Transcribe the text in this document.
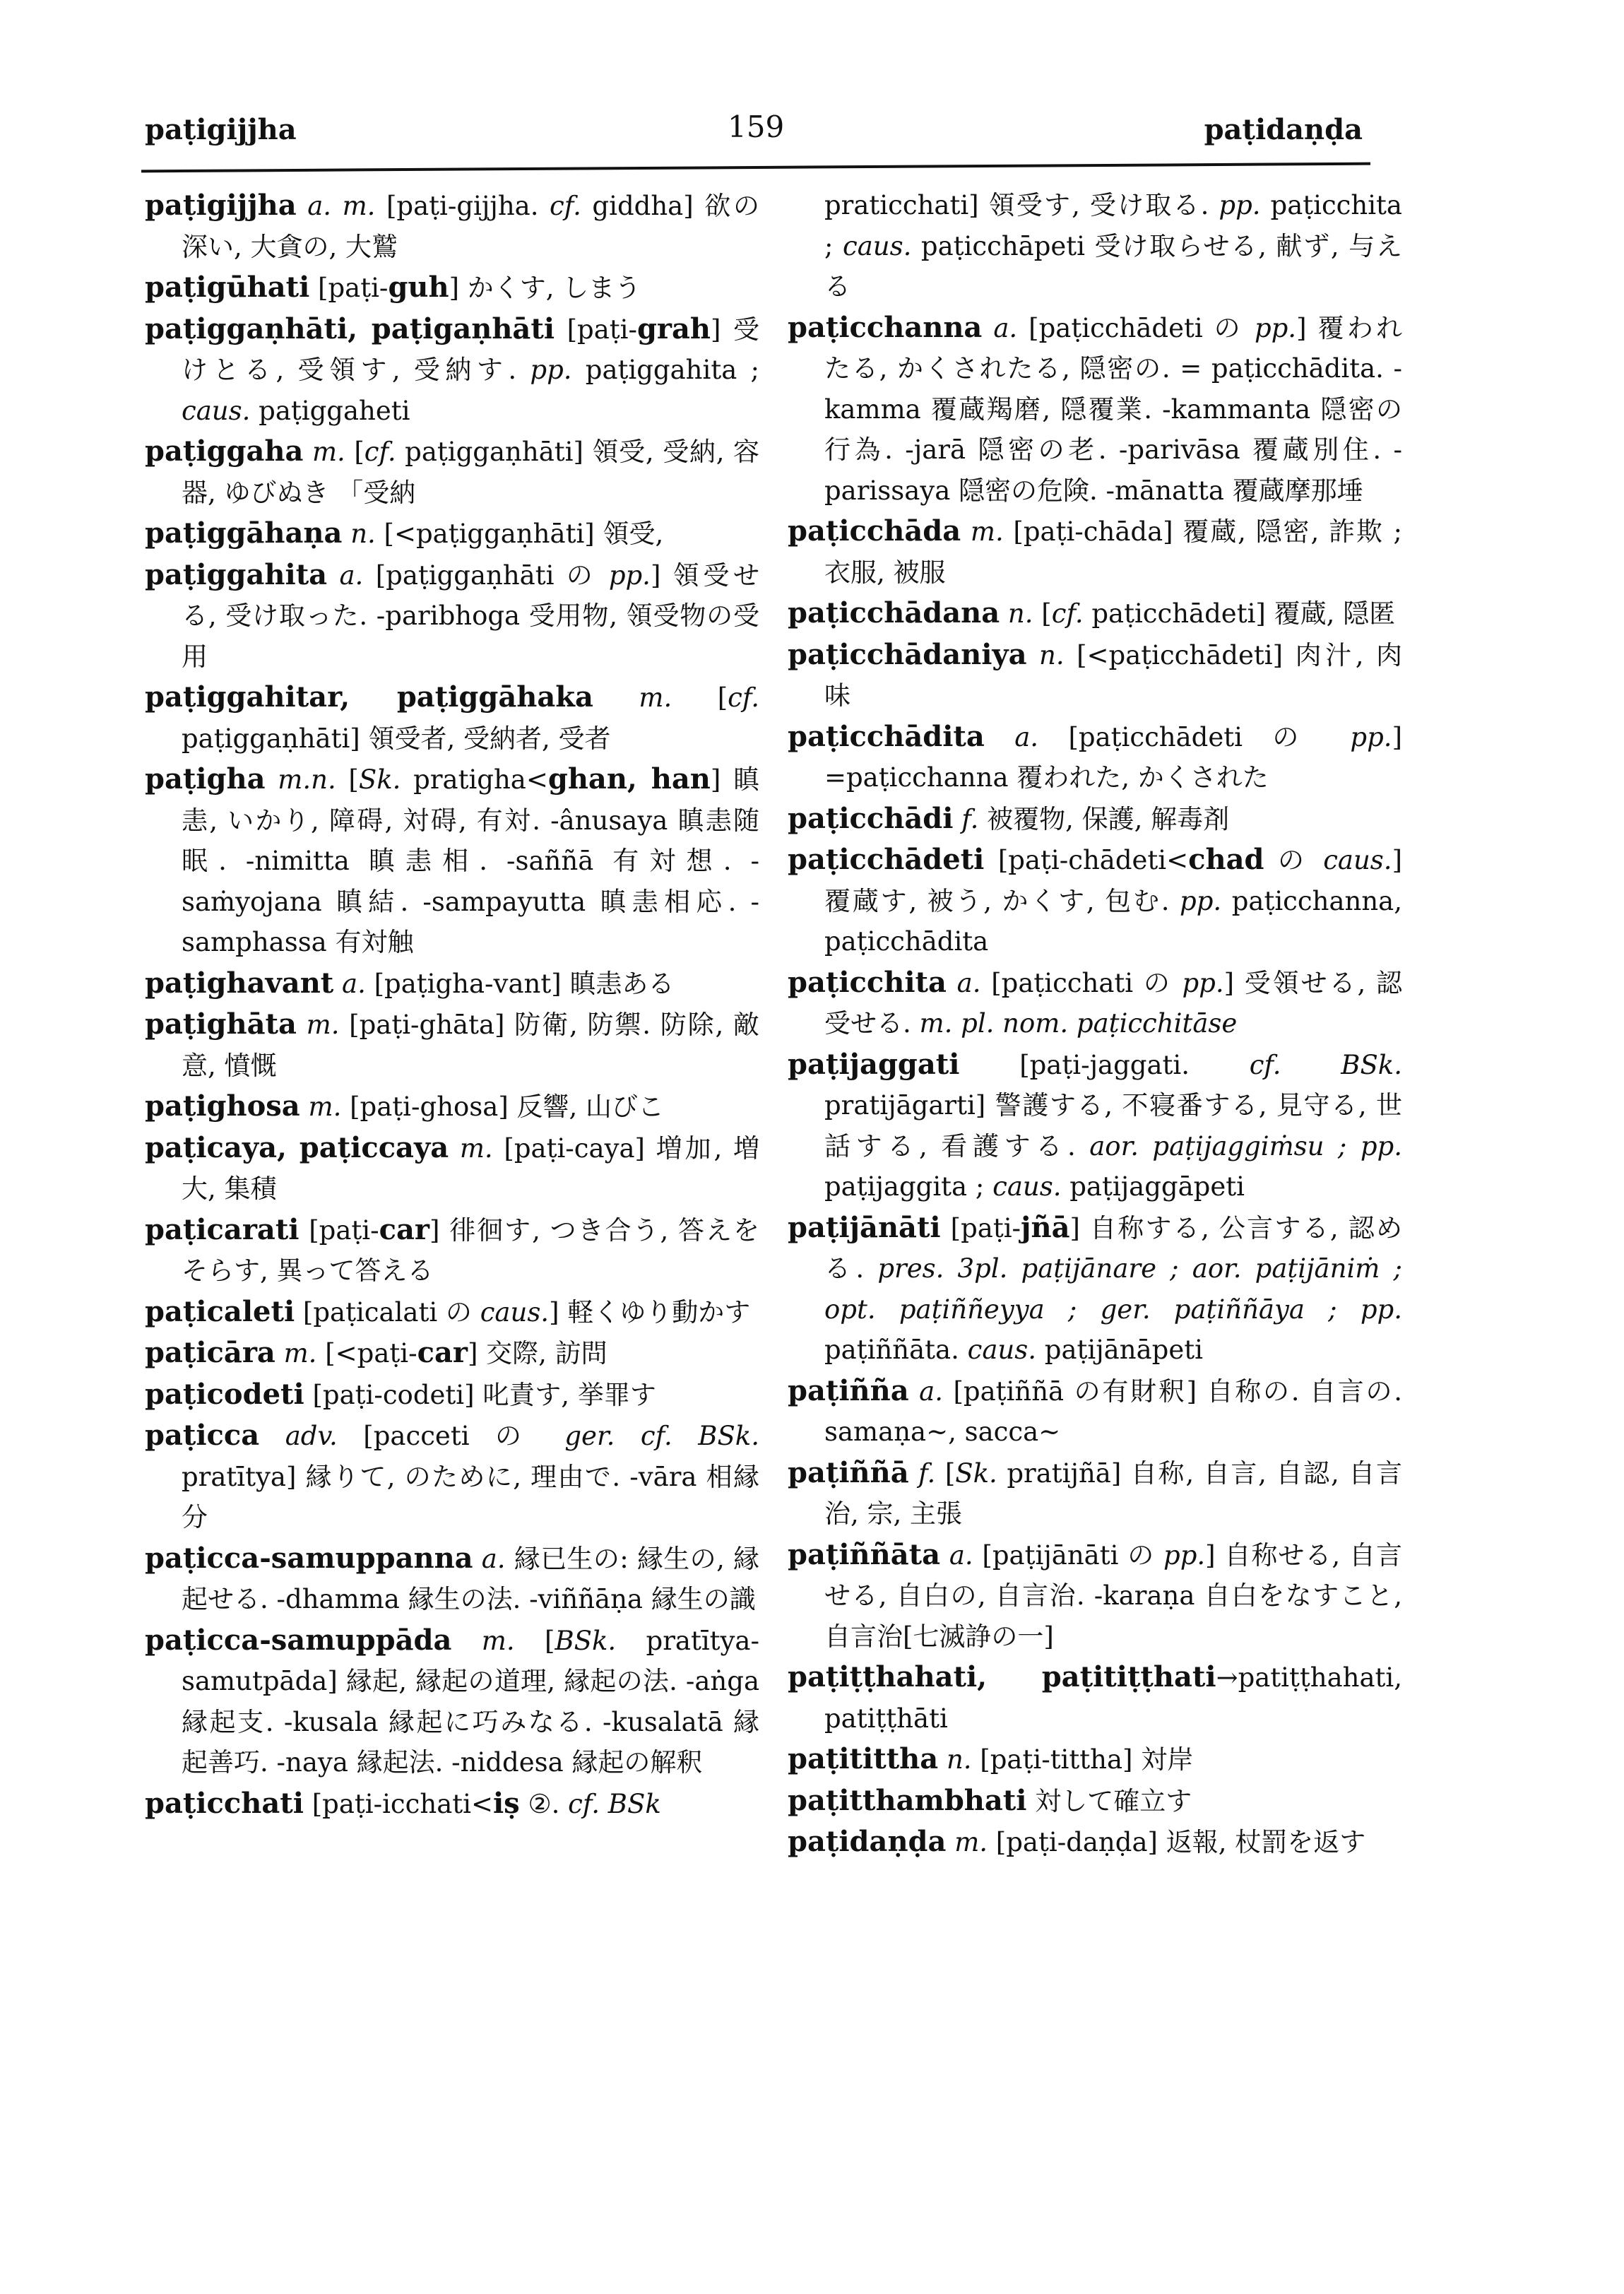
paṭigijjha	159	paṭidaṇḍa
paṭigijjha a. m. [paṭi-gijjha. cf. giddha] 欲の深い, 大貪の, 大鷲
paṭigūhati [paṭi-guh] かくす, しまう
paṭiggaṇhāti, paṭigaṇhāti [paṭi-grah] 受けとる, 受領す, 受納す. pp. paṭiggahita ; caus. paṭiggaheti
paṭiggaha m. [cf. paṭiggaṇhāti] 領受, 受納, 容器, ゆびぬき 「受納
paṭiggāhaṇa n. [<paṭiggaṇhāti] 領受,
paṭiggahita a. [paṭiggaṇhāti の pp.] 領受せる, 受け取った. -paribhoga 受用物, 領受物の受用
paṭiggahitar, paṭiggāhaka m. [cf. paṭiggaṇhāti] 領受者, 受納者, 受者
paṭigha m.n. [Sk. pratigha<ghan, han] 瞋恚, いかり, 障碍, 対碍, 有対. -ânusaya 瞋恚随眠. -nimitta 瞋恚相. -saññā 有対想. -saṁyojana 瞋結. -sampayutta 瞋恚相応. -samphassa 有対触
paṭighavant a. [paṭigha-vant] 瞋恚ある
paṭighāta m. [paṭi-ghāta] 防衛, 防禦. 防除, 敵意, 憤慨
paṭighosa m. [paṭi-ghosa] 反響, 山びこ
paṭicaya, paṭiccaya m. [paṭi-caya] 増加, 増大, 集積
paṭicarati [paṭi-car] 徘徊す, つき合う, 答えをそらす, 異って答える
paṭicaleti [paṭicalati の caus.] 軽くゆり動かす
paṭicāra m. [<paṭi-car] 交際, 訪問
paṭicodeti [paṭi-codeti] 叱責す, 挙罪す
paṭicca adv. [pacceti の ger. cf. BSk. pratītya] 縁りて, のために, 理由で. -vāra 相縁分
paṭicca-samuppanna a. 縁已生の: 縁生の, 縁起せる. -dhamma 縁生の法. -viññāṇa 縁生の識
paṭicca-samuppāda m. [BSk. pratītya-samutpāda] 縁起, 縁起の道理, 縁起の法. -aṅga 縁起支. -kusala 縁起に巧みなる. -kusalatā 縁起善巧. -naya 縁起法. -niddesa 縁起の解釈
paṭicchati [paṭi-icchati<iṣ ②. cf. BSk
praticchati] 領受す, 受け取る. pp. paṭicchita ; caus. paṭicchāpeti 受け取らせる, 献ず, 与える
paṭicchanna a. [paṭicchādeti の pp.] 覆われたる, かくされたる, 隠密の. = paṭicchādita. -kamma 覆蔵羯磨, 隠覆業. -kammanta 隠密の行為. -jarā 隠密の老. -parivāsa 覆蔵別住. -parissaya 隠密の危険. -mānatta 覆蔵摩那埵
paṭicchāda m. [paṭi-chāda] 覆蔵, 隠密, 詐欺 ; 衣服, 被服
paṭicchādana n. [cf. paṭicchādeti] 覆蔵, 隠匿
paṭicchādaniya n. [<paṭicchādeti] 肉汁, 肉味
paṭicchādita a. [paṭicchādeti の pp.] =paṭicchanna 覆われた, かくされた
paṭicchādi f. 被覆物, 保護, 解毒剤
paṭicchādeti [paṭi-chādeti<chad の caus.] 覆蔵す, 被う, かくす, 包む. pp. paṭicchanna, paṭicchādita
paṭicchita a. [paṭicchati の pp.] 受領せる, 認受せる. m. pl. nom. paṭicchitāse
paṭijaggati [paṭi-jaggati. cf. BSk. pratijāgarti] 警護する, 不寝番する, 見守る, 世話する, 看護する. aor. paṭijaggiṁsu ; pp. paṭijaggita ; caus. paṭijaggāpeti
paṭijānāti [paṭi-jñā] 自称する, 公言する, 認める. pres. 3pl. paṭijānare ; aor. paṭijāniṁ ; opt. paṭiññeyya ; ger. paṭiññāya ; pp. paṭiññāta. caus. paṭijānāpeti
paṭiñña a. [paṭiññā の有財釈] 自称の. 自言の. samaṇa~, sacca~
paṭiññā f. [Sk. pratijñā] 自称, 自言, 自認, 自言治, 宗, 主張
paṭiññāta a. [paṭijānāti の pp.] 自称せる, 自言せる, 自白の, 自言治. -karaṇa 自白をなすこと, 自言治[七滅諍の一]
paṭiṭṭhahati, paṭitiṭṭhati→patiṭṭhahati, patiṭṭhāti
paṭitittha n. [paṭi-tittha] 対岸
paṭitthambhati 対して確立す
paṭidaṇḍa m. [paṭi-daṇḍa] 返報, 杖罰を返す
